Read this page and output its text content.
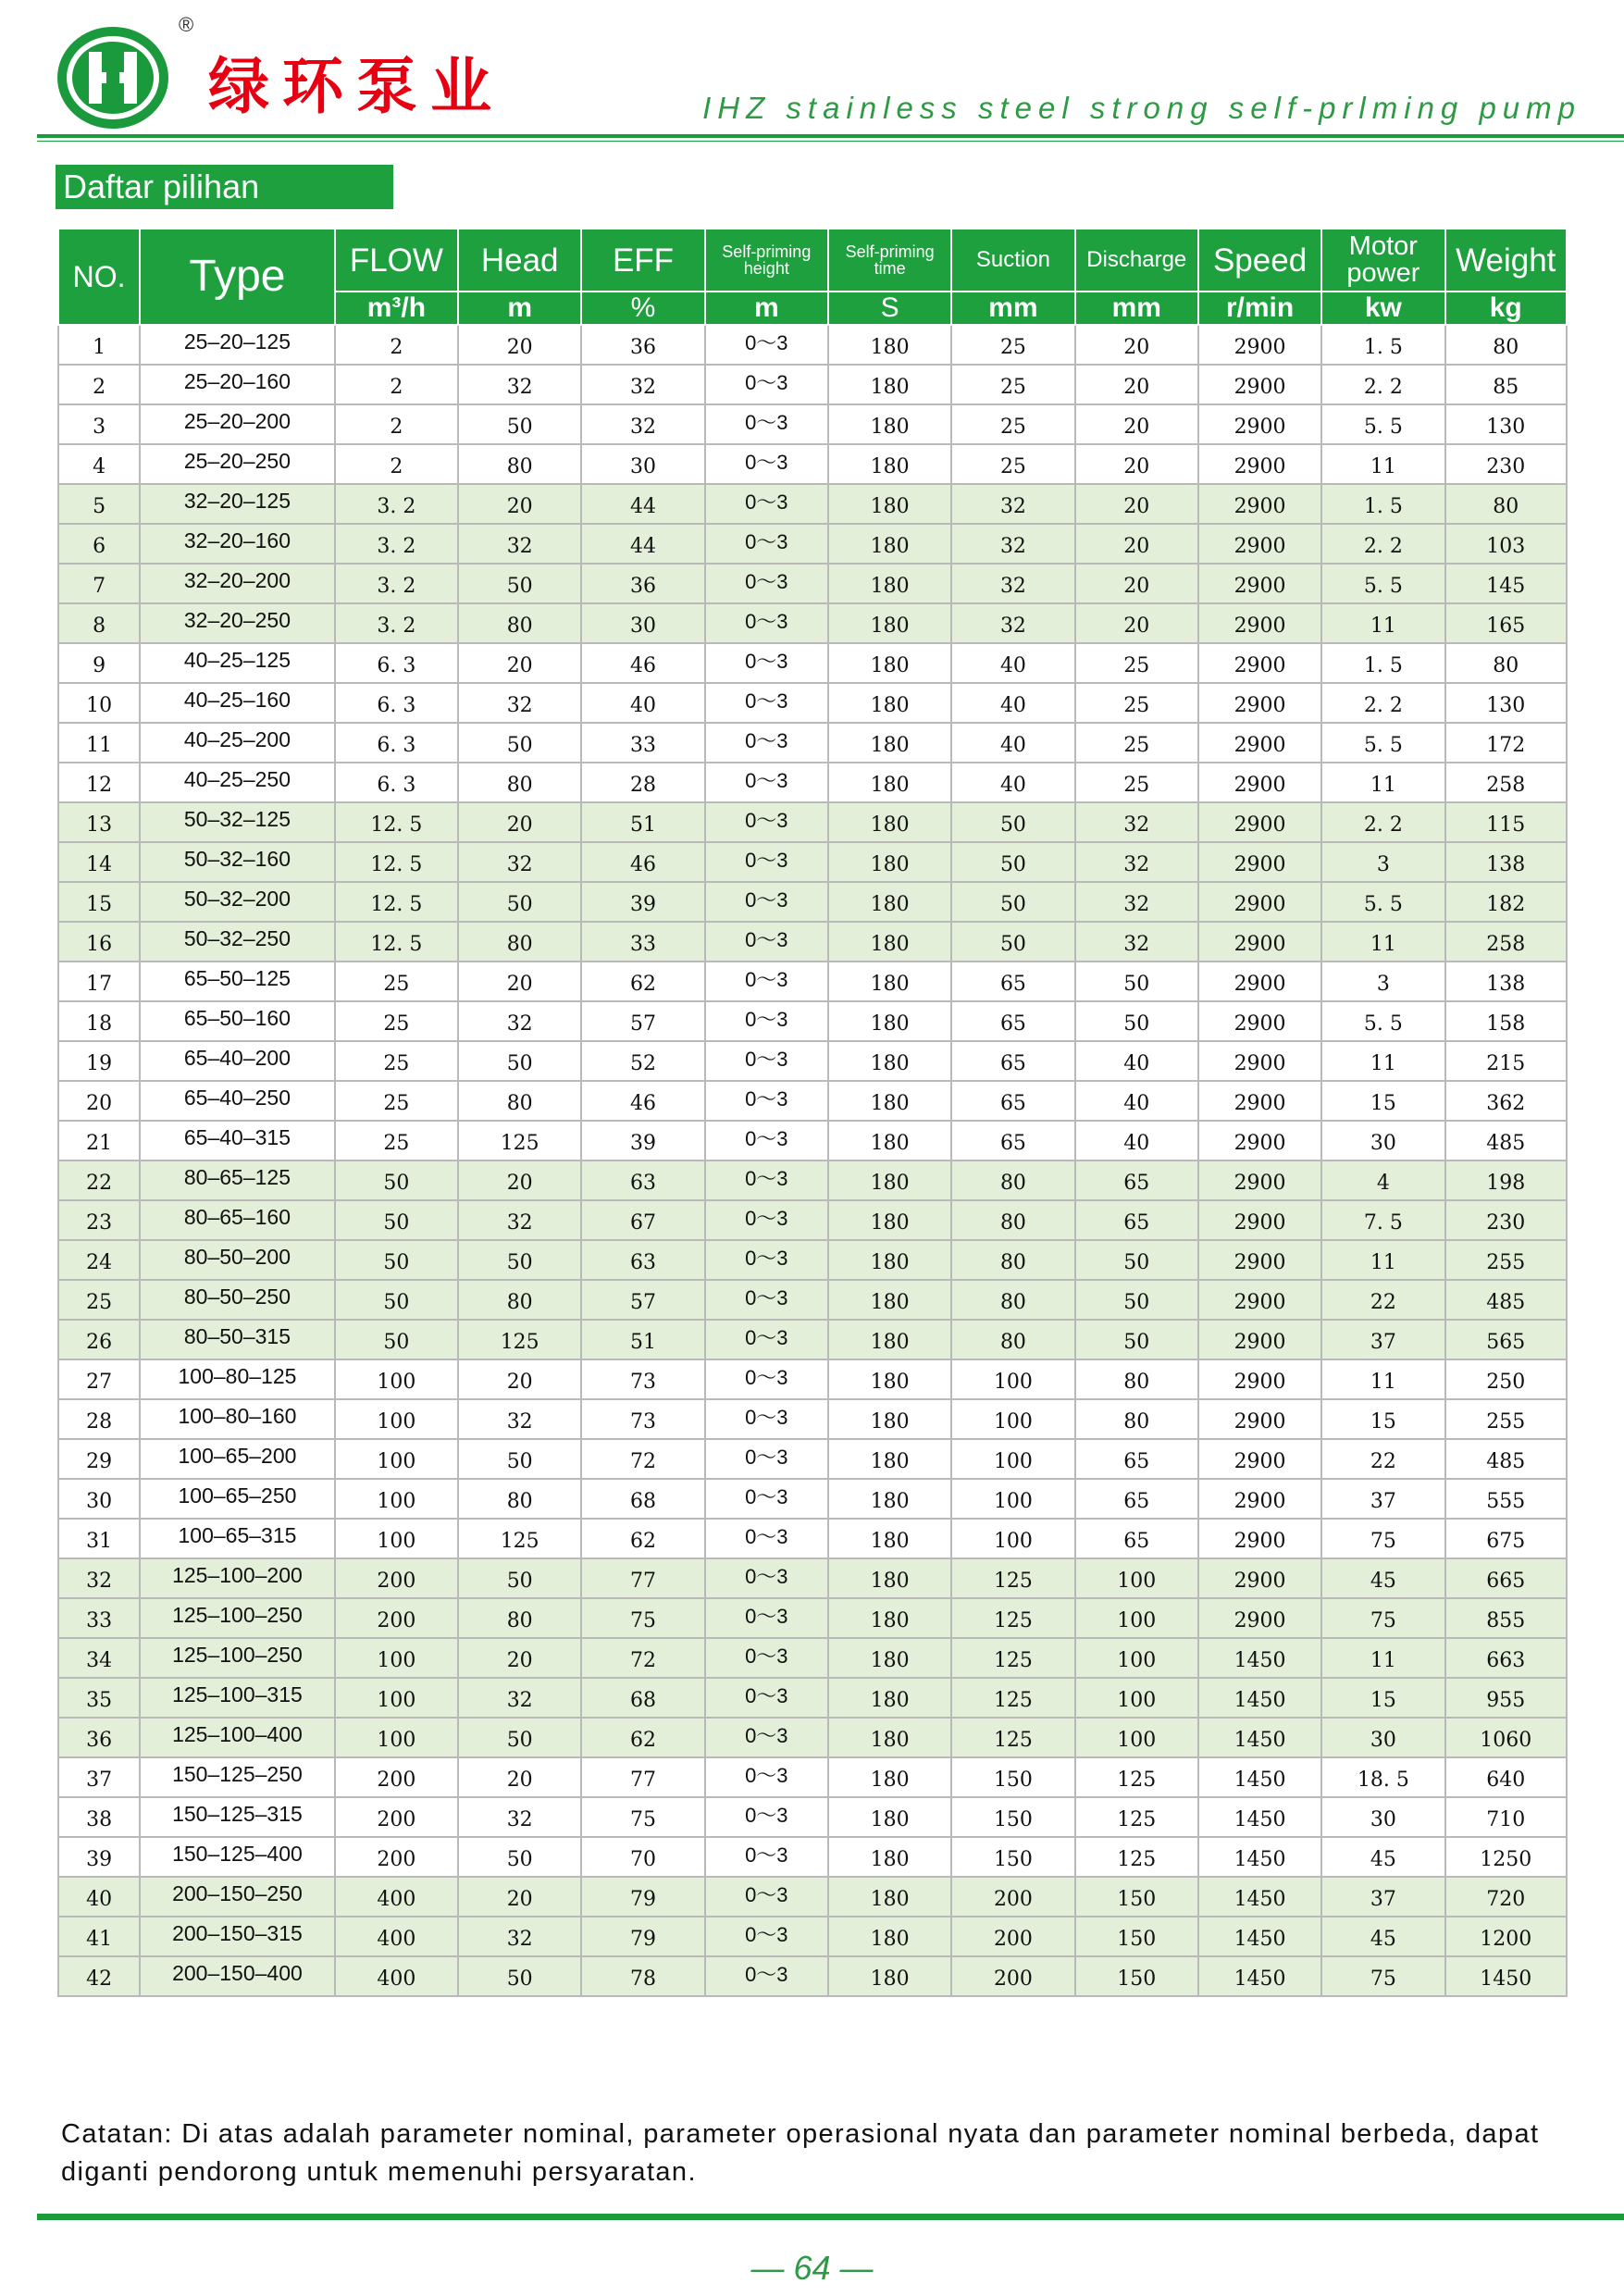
®
绿环泵业	IHZ stainless steel strong self-prlming pump
Daftar pilihan
NO.	Type	FLOW	Head	EFF	Self-priming height	Self-priming time	Suction	Discharge	Speed	Motor power	Weight
		m³/h	m	%	m	S	mm	mm	r/min	kw	kg
1	25–20–125	2	20	36	0～3	180	25	20	2900	1. 5	80
2	25–20–160	2	32	32	0～3	180	25	20	2900	2. 2	85
3	25–20–200	2	50	32	0～3	180	25	20	2900	5. 5	130
4	25–20–250	2	80	30	0～3	180	25	20	2900	11	230
5	32–20–125	3. 2	20	44	0～3	180	32	20	2900	1. 5	80
6	32–20–160	3. 2	32	44	0～3	180	32	20	2900	2. 2	103
7	32–20–200	3. 2	50	36	0～3	180	32	20	2900	5. 5	145
8	32–20–250	3. 2	80	30	0～3	180	32	20	2900	11	165
9	40–25–125	6. 3	20	46	0～3	180	40	25	2900	1. 5	80
10	40–25–160	6. 3	32	40	0～3	180	40	25	2900	2. 2	130
11	40–25–200	6. 3	50	33	0～3	180	40	25	2900	5. 5	172
12	40–25–250	6. 3	80	28	0～3	180	40	25	2900	11	258
13	50–32–125	12. 5	20	51	0～3	180	50	32	2900	2. 2	115
14	50–32–160	12. 5	32	46	0～3	180	50	32	2900	3	138
15	50–32–200	12. 5	50	39	0～3	180	50	32	2900	5. 5	182
16	50–32–250	12. 5	80	33	0～3	180	50	32	2900	11	258
17	65–50–125	25	20	62	0～3	180	65	50	2900	3	138
18	65–50–160	25	32	57	0～3	180	65	50	2900	5. 5	158
19	65–40–200	25	50	52	0～3	180	65	40	2900	11	215
20	65–40–250	25	80	46	0～3	180	65	40	2900	15	362
21	65–40–315	25	125	39	0～3	180	65	40	2900	30	485
22	80–65–125	50	20	63	0～3	180	80	65	2900	4	198
23	80–65–160	50	32	67	0～3	180	80	65	2900	7. 5	230
24	80–50–200	50	50	63	0～3	180	80	50	2900	11	255
25	80–50–250	50	80	57	0～3	180	80	50	2900	22	485
26	80–50–315	50	125	51	0～3	180	80	50	2900	37	565
27	100–80–125	100	20	73	0～3	180	100	80	2900	11	250
28	100–80–160	100	32	73	0～3	180	100	80	2900	15	255
29	100–65–200	100	50	72	0～3	180	100	65	2900	22	485
30	100–65–250	100	80	68	0～3	180	100	65	2900	37	555
31	100–65–315	100	125	62	0～3	180	100	65	2900	75	675
32	125–100–200	200	50	77	0～3	180	125	100	2900	45	665
33	125–100–250	200	80	75	0～3	180	125	100	2900	75	855
34	125–100–250	100	20	72	0～3	180	125	100	1450	11	663
35	125–100–315	100	32	68	0～3	180	125	100	1450	15	955
36	125–100–400	100	50	62	0～3	180	125	100	1450	30	1060
37	150–125–250	200	20	77	0～3	180	150	125	1450	18. 5	640
38	150–125–315	200	32	75	0～3	180	150	125	1450	30	710
39	150–125–400	200	50	70	0～3	180	150	125	1450	45	1250
40	200–150–250	400	20	79	0～3	180	200	150	1450	37	720
41	200–150–315	400	32	79	0～3	180	200	150	1450	45	1200
42	200–150–400	400	50	78	0～3	180	200	150	1450	75	1450
Catatan: Di atas adalah parameter nominal, parameter operasional nyata dan parameter nominal berbeda, dapat diganti pendorong untuk memenuhi persyaratan.
— 64 —
